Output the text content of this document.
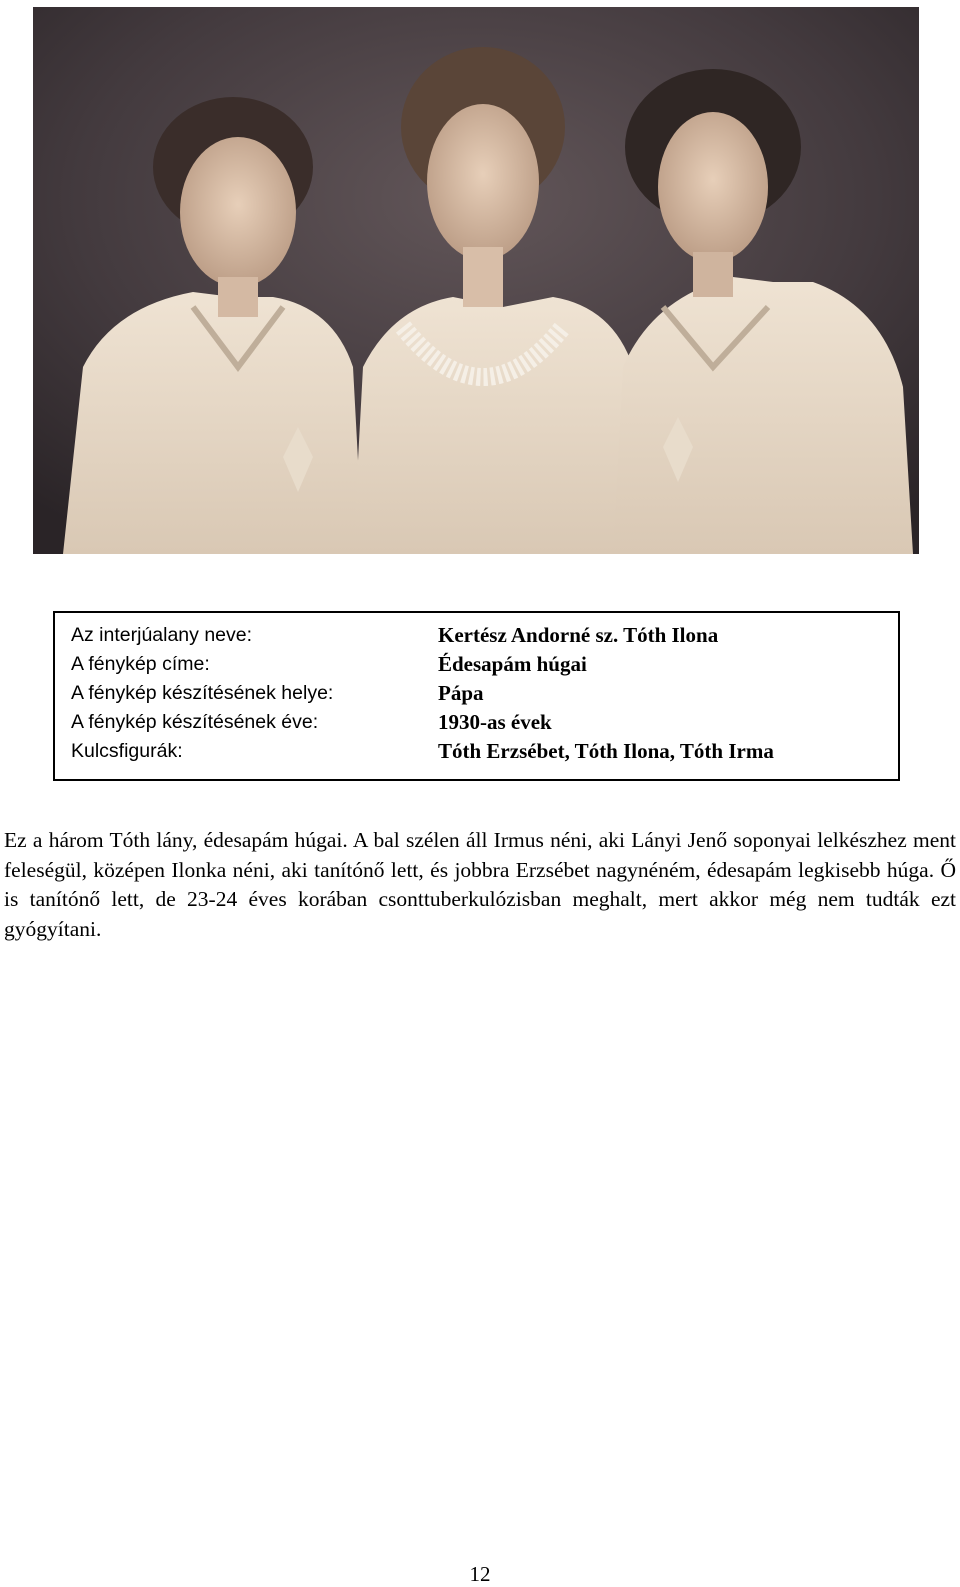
Az interjúalany neve:	Kertész Andorné sz. Tóth Ilona
A fénykép címe:	Édesapám húgai
A fénykép készítésének helye:	Pápa
A fénykép készítésének éve:	1930-as évek
Kulcsfigurák:	Tóth Erzsébet, Tóth Ilona, Tóth Irma

Ez a három Tóth lány, édesapám húgai. A bal szélen áll Irmus néni, aki Lányi Jenő soponyai lelkészhez ment feleségül, középen Ilonka néni, aki tanítónő lett, és jobbra Erzsébet nagynéném, édesapám legkisebb húga. Ő is tanítónő lett, de 23-24 éves korában csonttuberkulózisban meghalt, mert akkor még nem tudták ezt gyógyítani.

12
